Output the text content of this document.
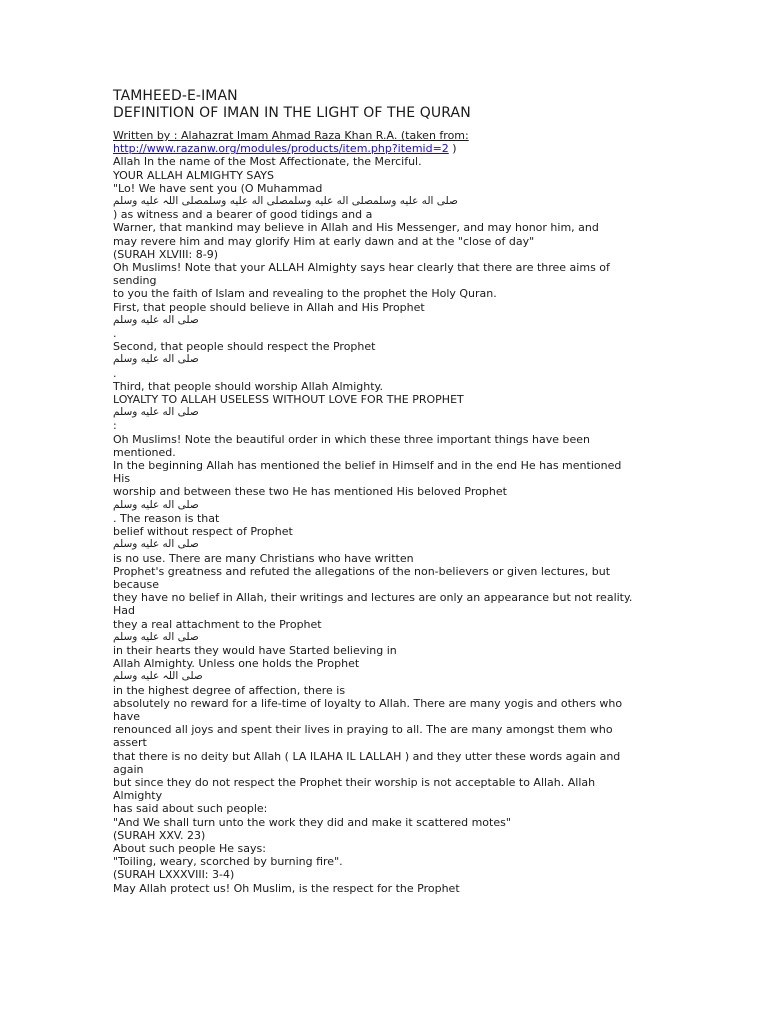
TAMHEED-E-IMAN
DEFINITION OF IMAN IN THE LIGHT OF THE QURAN

Written by : Alahazrat Imam Ahmad Raza Khan R.A. (taken from:

http://www.razanw.org/modules/products/item.php?itemid=2 )

Allah In the name of the Most Affectionate, the Merciful.

YOUR ALLAH ALMIGHTY SAYS

"Lo! We have sent you (O Muhammad

صلی اله علیه وسلمصلی اله علیه وسلمصلی اله علیه وسلمصلی اللہ علیه وسلم

) as witness and a bearer of good tidings and a

Warner, that mankind may believe in Allah and His Messenger, and may honor him, and

may revere him and may glorify Him at early dawn and at the "close of day"

(SURAH XLVIII: 8-9)

Oh Muslims! Note that your ALLAH Almighty says hear clearly that there are three aims of

sending

to you the faith of Islam and revealing to the prophet the Holy Quran.

First, that people should believe in Allah and His Prophet

صلی اله علیه وسلم

.

Second, that people should respect the Prophet

صلی اله علیه وسلم

.

Third, that people should worship Allah Almighty.

LOYALTY TO ALLAH USELESS WITHOUT LOVE FOR THE PROPHET

صلی اله علیه وسلم

:

Oh Muslims! Note the beautiful order in which these three important things have been

mentioned.

In the beginning Allah has mentioned the belief in Himself and in the end He has mentioned

His

worship and between these two He has mentioned His beloved Prophet

صلی اله علیه وسلم

. The reason is that

belief without respect of Prophet

صلی اله علیه وسلم

is no use. There are many Christians who have written

Prophet's greatness and refuted the allegations of the non-believers or given lectures, but

because

they have no belief in Allah, their writings and lectures are only an appearance but not reality.

Had

they a real attachment to the Prophet

صلی اله علیه وسلم

in their hearts they would have Started believing in

Allah Almighty. Unless one holds the Prophet

صلی اللہ علیه وسلم

in the highest degree of affection, there is

absolutely no reward for a life-time of loyalty to Allah. There are many yogis and others who

have

renounced all joys and spent their lives in praying to all. The are many amongst them who

assert

that there is no deity but Allah ( LA ILAHA IL LALLAH ) and they utter these words again and

again

but since they do not respect the Prophet their worship is not acceptable to Allah. Allah

Almighty

has said about such people:

"And We shall turn unto the work they did and make it scattered motes"

(SURAH XXV. 23)

About such people He says:

"Toiling, weary, scorched by burning fire".

(SURAH LXXXVIII: 3-4)

May Allah protect us! Oh Muslim, is the respect for the Prophet
